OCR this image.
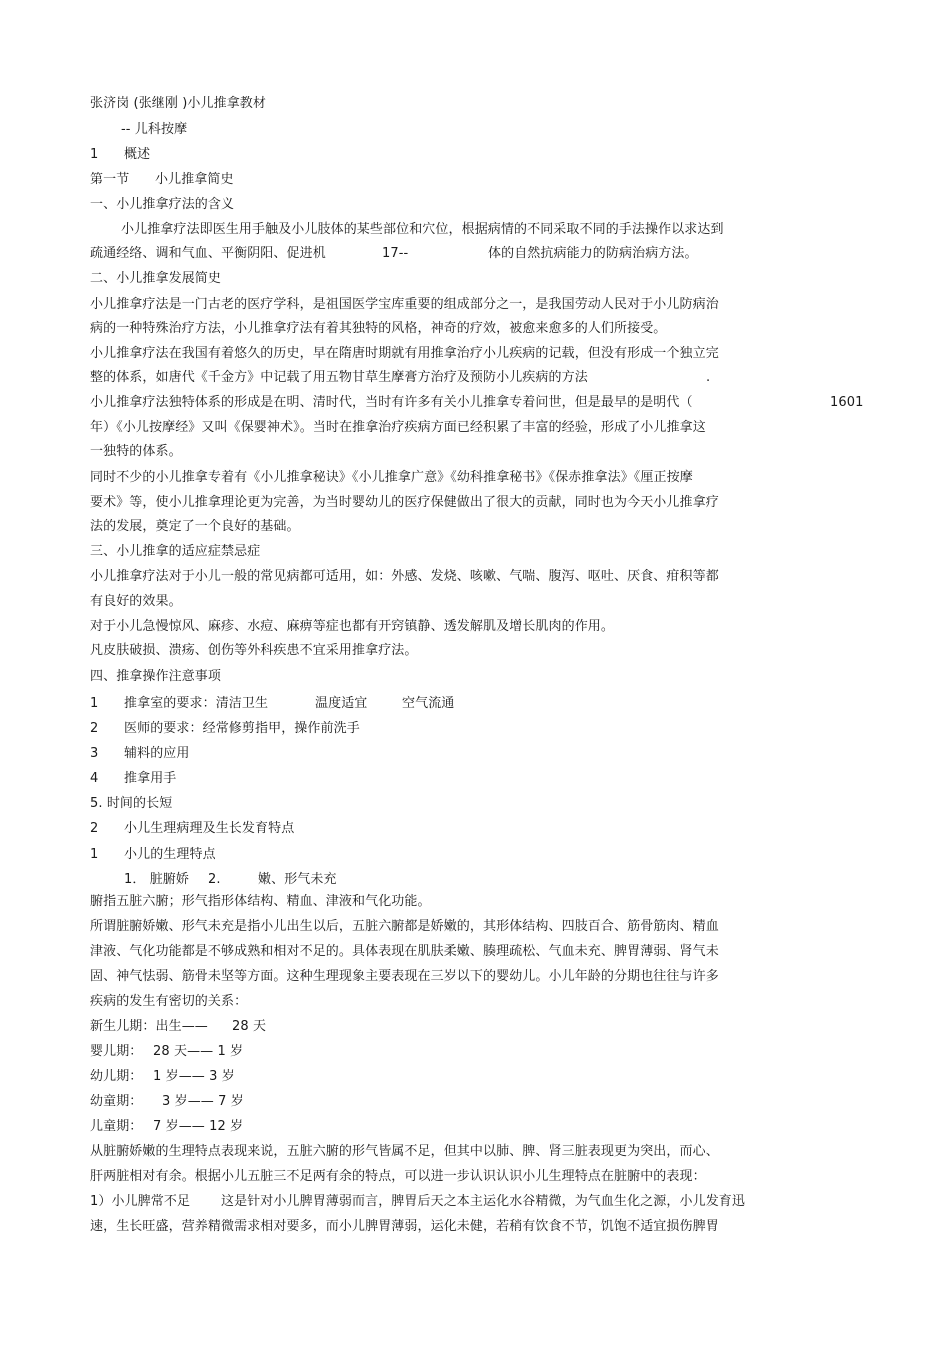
张济岗 (张继刚 )小儿推拿教材
-- 儿科按摩
1 概述
第一节 小儿推拿简史
一、小儿推拿疗法的含义
小儿推拿疗法即医生用手触及小儿肢体的某些部位和穴位，根据病情的不同采取不同的手法操作以求达到
疏通经络、调和气血、平衡阴阳、促进机	17--	体的自然抗病能力的防病治病方法。
二、小儿推拿发展简史
小儿推拿疗法是一门古老的医疗学科，是祖国医学宝库重要的组成部分之一，是我国劳动人民对于小儿防病治
病的一种特殊治疗方法，小儿推拿疗法有着其独特的风格，神奇的疗效，被愈来愈多的人们所接受。
小儿推拿疗法在我国有着悠久的历史，早在隋唐时期就有用推拿治疗小儿疾病的记载，但没有形成一个独立完
整的体系，如唐代《千金方》中记载了用五物甘草生摩膏方治疗及预防小儿疾病的方法	.
小儿推拿疗法独特体系的形成是在明、清时代，当时有许多有关小儿推拿专着问世，但是最早的是明代（	1601
年）《小儿按摩经》又叫《保婴神术》。当时在推拿治疗疾病方面已经积累了丰富的经验，形成了小儿推拿这
一独特的体系。
同时不少的小儿推拿专着有《小儿推拿秘诀》《小儿推拿广意》《幼科推拿秘书》《保赤推拿法》《厘正按摩
要术》等，使小儿推拿理论更为完善，为当时婴幼儿的医疗保健做出了很大的贡献，同时也为今天小儿推拿疗
法的发展，奠定了一个良好的基础。
三、小儿推拿的适应症禁忌症
小儿推拿疗法对于小儿一般的常见病都可适用，如：外感、发烧、咳嗽、气喘、腹泻、呕吐、厌食、疳积等都
有良好的效果。
对于小儿急慢惊风、麻疹、水痘、麻痹等症也都有开窍镇静、透发解肌及增长肌肉的作用。
凡皮肤破损、溃疡、创伤等外科疾患不宜采用推拿疗法。
四、推拿操作注意事项
1 推拿室的要求：清洁卫生	温度适宜	空气流通
2 医师的要求：经常修剪指甲，操作前洗手
3 辅料的应用
4 推拿用手
5. 时间的长短
2 小儿生理病理及生长发育特点
1 小儿的生理特点
1． 脏腑娇 2.	嫩、形气未充
腑指五脏六腑；形气指形体结构、精血、津液和气化功能。
所谓脏腑娇嫩、形气未充是指小儿出生以后，五脏六腑都是娇嫩的，其形体结构、四肢百合、筋骨筋肉、精血
津液、气化功能都是不够成熟和相对不足的。具体表现在肌肤柔嫩、腠理疏松、气血未充、脾胃薄弱、肾气未
固、神气怯弱、筋骨未坚等方面。这种生理现象主要表现在三岁以下的婴幼儿。小儿年龄的分期也往往与许多
疾病的发生有密切的关系：
新生儿期：出生—— 28 天
婴儿期： 28 天—— 1 岁
幼儿期： 1 岁—— 3 岁
幼童期： 3 岁—— 7 岁
儿童期： 7 岁—— 12 岁
从脏腑娇嫩的生理特点表现来说，五脏六腑的形气皆属不足，但其中以肺、脾、肾三脏表现更为突出，而心、
肝两脏相对有余。根据小儿五脏三不足两有余的特点，可以进一步认识认识小儿生理特点在脏腑中的表现：
1）小儿脾常不足 这是针对小儿脾胃薄弱而言，脾胃后天之本主运化水谷精微，为气血生化之源，小儿发育迅
速，生长旺盛，营养精微需求相对要多，而小儿脾胃薄弱，运化未健，若稍有饮食不节，饥饱不适宜损伤脾胃
